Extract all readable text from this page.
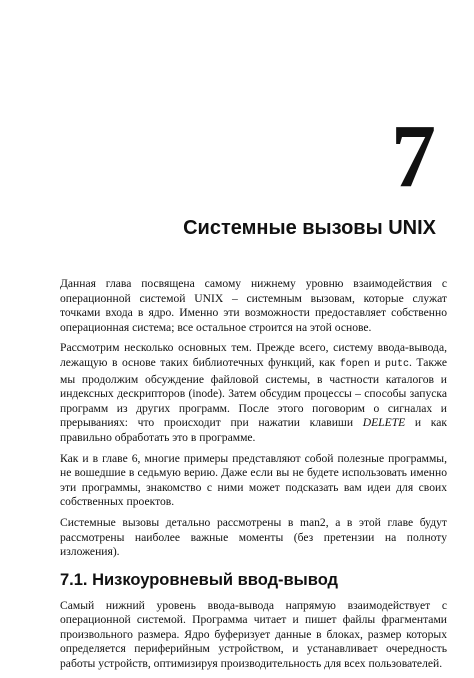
7
Системные вызовы UNIX

Данная глава посвящена самому нижнему уровню взаимодействия с операционной системой UNIX – системным вызовам, которые служат точками входа в ядро. Именно эти возможности предоставляет собственно операционная система; все остальное строится на этой основе.

Рассмотрим несколько основных тем. Прежде всего, систему ввода-вывода, лежащую в основе таких библиотечных функций, как fopen и putc. Также мы продолжим обсуждение файловой системы, в частности каталогов и индексных дескрипторов (inode). Затем обсудим процессы – способы запуска программ из других программ. После этого поговорим о сигналах и прерываниях: что происходит при нажатии клавиши DELETE и как правильно обработать это в программе.

Как и в главе 6, многие примеры представляют собой полезные программы, не вошедшие в седьмую верию. Даже если вы не будете использовать именно эти программы, знакомство с ними может подсказать вам идеи для своих собственных проектов.

Системные вызовы детально рассмотрены в man2, а в этой главе будут рассмотрены наиболее важные моменты (без претензии на полноту изложения).

7.1. Низкоуровневый ввод-вывод

Самый нижний уровень ввода-вывода напрямую взаимодействует с операционной системой. Программа читает и пишет файлы фрагментами произвольного размера. Ядро буферизует данные в блоках, размер которых определяется периферийным устройством, и устанавливает очередность работы устройств, оптимизируя производительность для всех пользователей.
